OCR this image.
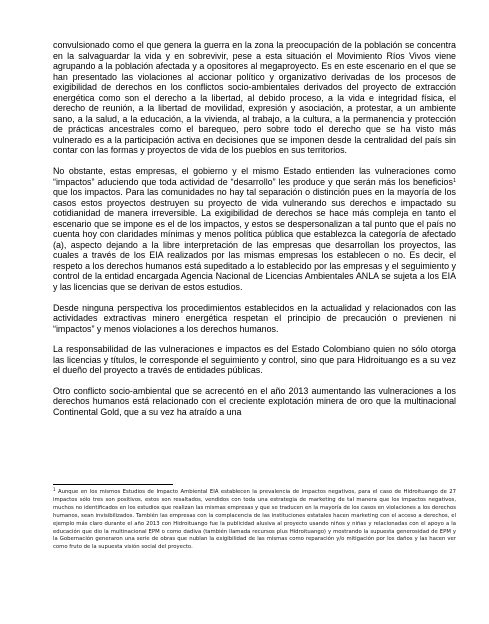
convulsionado como el que genera la guerra en la zona la preocupación de la población se concentra en la salvaguardar la vida y en sobrevivir, pese a esta situación el Movimiento Ríos Vivos viene agrupando a la población afectada y a opositores al megaproyecto. Es en este escenario en el que se han presentado las violaciones al accionar político y organizativo derivadas de los procesos de exigibilidad de derechos en los conflictos socio-ambientales derivados del proyecto de extracción energética como son el derecho a la libertad, al debido proceso, a la vida e integridad física, el derecho de reunión, a la libertad de movilidad, expresión y asociación, a protestar, a un ambiente sano, a la salud, a la educación, a la vivienda, al trabajo, a la cultura, a la permanencia y protección de prácticas ancestrales como el barequeo, pero sobre todo el derecho que se ha visto más vulnerado es a la participación activa en decisiones que se imponen desde la centralidad del país sin contar con las formas y proyectos de vida de los pueblos en sus territorios.

No obstante, estas empresas, el gobierno y el mismo Estado entienden las vulneraciones como “impactos” aduciendo que toda actividad de “desarrollo” les produce y que serán más los beneficios$^1$ que los impactos. Para las comunidades no hay tal separación o distinción pues en la mayoría de los casos estos proyectos destruyen su proyecto de vida vulnerando sus derechos e impactado su cotidianidad de manera irreversible. La exigibilidad de derechos se hace más compleja en tanto el escenario que se impone es el de los impactos, y estos se despersonalizan a tal punto que el país no cuenta hoy con claridades mínimas y menos política pública que establezca la categoría de afectado (a), aspecto dejando a la libre interpretación de las empresas que desarrollan los proyectos, las cuales a través de los EIA realizados por las mismas empresas los establecen o no. Es decir, el respeto a los derechos humanos está supeditado a lo establecido por las empresas y el seguimiento y control de la entidad encargada Agencia Nacional de Licencias Ambientales ANLA se sujeta a los EIA y las licencias que se derivan de estos estudios.

Desde ninguna perspectiva los procedimientos establecidos en la actualidad y relacionados con las actividades extractivas minero energética respetan el principio de precaución o previenen ni “impactos” y menos violaciones a los derechos humanos.

La responsabilidad de las vulneraciones e impactos es del Estado Colombiano quien no sólo otorga las licencias y títulos, le corresponde el seguimiento y control, sino que para Hidroituango es a su vez el dueño del proyecto a través de entidades públicas.

Otro conflicto socio-ambiental que se acrecentó en el año 2013 aumentando las vulneraciones a los derechos humanos está relacionado con el creciente explotación minera de oro que la multinacional Continental Gold, que a su vez ha atraído a una

$^1$ Aunque en los mismos Estudios de Impacto Ambiental EIA establecen la prevalencia de impactos negativos, para el caso de Hidroituango de 27 impactos sólo tres son positivos, estos son resaltados, vendidos con toda una estrategia de marketing de tal manera que los impactos negativos, muchos no identificados en los estudios que realizan las mismas empresas y que se traducen en la mayoría de los casos en violaciones a los derechos humanos, sean invisibilizados. También las empresas con la complacencia de las instituciones estatales hacen marketing con el acceso a derechos, el ejemplo más claro durante el año 2013 con Hidroituango fue la publicidad alusiva al proyecto usando niños y niñas y relacionadas con el apoyo a la educación que dio la multinacional EPM o como dadiva (también llamada recursos plus Hidroituango) y mostrando la supuesta generosidad de EPM y la Gobernación generaron una serie de obras que nublan la exigibilidad de las mismas como reparación y/o mitigación por los daños y las hacen ver como fruto de la supuesta visión social del proyecto.
